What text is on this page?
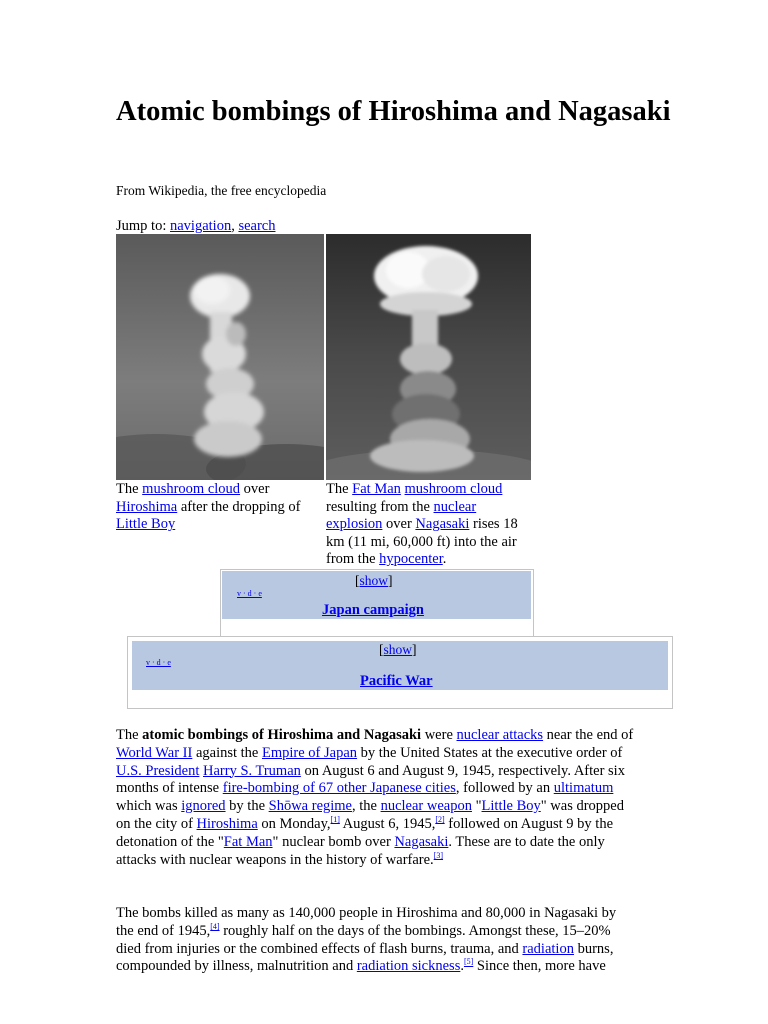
Atomic bombings of Hiroshima and Nagasaki
From Wikipedia, the free encyclopedia
Jump to: navigation, search
The mushroom cloud over Hiroshima after the dropping of Little Boy
The Fat Man mushroom cloud resulting from the nuclear explosion over Nagasaki rises 18 km (11 mi, 60,000 ft) into the air from the hypocenter.
[show]
v · d · e
Japan campaign
[show]
v · d · e
Pacific War
The atomic bombings of Hiroshima and Nagasaki were nuclear attacks near the end of World War II against the Empire of Japan by the United States at the executive order of U.S. President Harry S. Truman on August 6 and August 9, 1945, respectively. After six months of intense fire-bombing of 67 other Japanese cities, followed by an ultimatum which was ignored by the Shōwa regime, the nuclear weapon "Little Boy" was dropped on the city of Hiroshima on Monday,[1] August 6, 1945,[2] followed on August 9 by the detonation of the "Fat Man" nuclear bomb over Nagasaki. These are to date the only attacks with nuclear weapons in the history of warfare.[3]
The bombs killed as many as 140,000 people in Hiroshima and 80,000 in Nagasaki by the end of 1945,[4] roughly half on the days of the bombings. Amongst these, 15–20% died from injuries or the combined effects of flash burns, trauma, and radiation burns, compounded by illness, malnutrition and radiation sickness.[5] Since then, more have
